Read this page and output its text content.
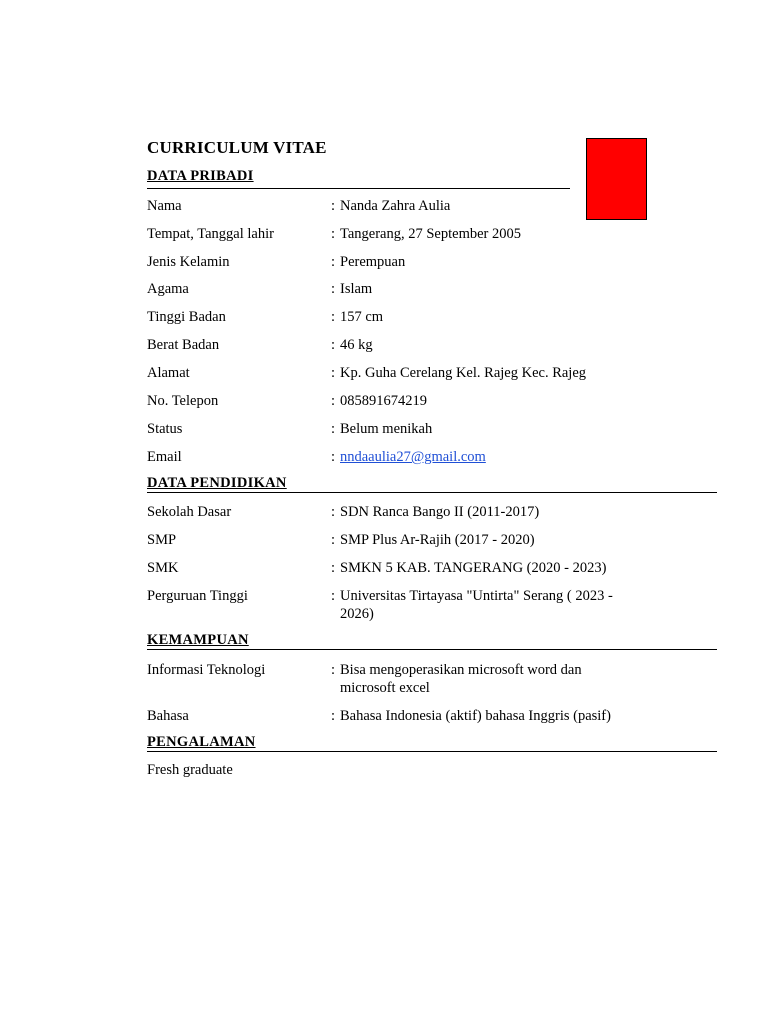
CURRICULUM VITAE
DATA PRIBADI
Nama	: Nanda Zahra Aulia
Tempat, Tanggal lahir	: Tangerang, 27 September 2005
Jenis Kelamin	: Perempuan
Agama	: Islam
Tinggi Badan	: 157 cm
Berat Badan	: 46 kg
Alamat	: Kp. Guha Cerelang Kel. Rajeg Kec. Rajeg
No. Telepon	: 085891674219
Status	: Belum menikah
Email	: nndaaulia27@gmail.com
DATA PENDIDIKAN
Sekolah Dasar	: SDN Ranca Bango II (2011-2017)
SMP	: SMP Plus Ar-Rajih (2017 - 2020)
SMK	: SMKN 5 KAB. TANGERANG (2020 - 2023)
Perguruan Tinggi	: Universitas Tirtayasa "Untirta" Serang ( 2023 - 2026)
KEMAMPUAN
Informasi Teknologi	: Bisa mengoperasikan microsoft word dan microsoft excel
Bahasa	: Bahasa Indonesia (aktif) bahasa Inggris (pasif)
PENGALAMAN
Fresh graduate
